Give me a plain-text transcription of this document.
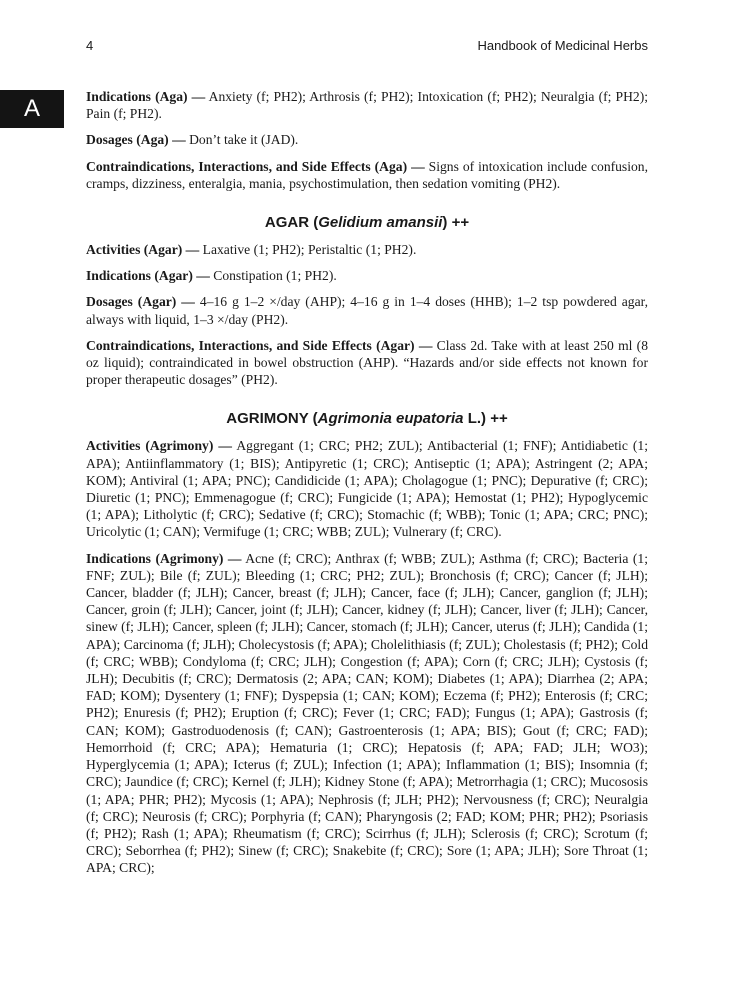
4	Handbook of Medicinal Herbs
A	Indications (Aga) — Anxiety (f; PH2); Arthrosis (f; PH2); Intoxication (f; PH2); Neuralgia (f; PH2); Pain (f; PH2).

Dosages (Aga) — Don’t take it (JAD).

Contraindications, Interactions, and Side Effects (Aga) — Signs of intoxication include confusion, cramps, dizziness, enteralgia, mania, psychostimulation, then sedation vomiting (PH2).

AGAR (Gelidium amansii) ++

Activities (Agar) — Laxative (1; PH2); Peristaltic (1; PH2).

Indications (Agar) — Constipation (1; PH2).

Dosages (Agar) — 4–16 g 1–2 ×/day (AHP); 4–16 g in 1–4 doses (HHB); 1–2 tsp powdered agar, always with liquid, 1–3 ×/day (PH2).

Contraindications, Interactions, and Side Effects (Agar) — Class 2d. Take with at least 250 ml (8 oz liquid); contraindicated in bowel obstruction (AHP). “Hazards and/or side effects not known for proper therapeutic dosages” (PH2).

AGRIMONY (Agrimonia eupatoria L.) ++

Activities (Agrimony) — Aggregant (1; CRC; PH2; ZUL); Antibacterial (1; FNF); Antidiabetic (1; APA); Antiinflammatory (1; BIS); Antipyretic (1; CRC); Antiseptic (1; APA); Astringent (2; APA; KOM); Antiviral (1; APA; PNC); Candidicide (1; APA); Cholagogue (1; PNC); Depurative (f; CRC); Diuretic (1; PNC); Emmenagogue (f; CRC); Fungicide (1; APA); Hemostat (1; PH2); Hypoglycemic (1; APA); Litholytic (f; CRC); Sedative (f; CRC); Stomachic (f; WBB); Tonic (1; APA; CRC; PNC); Uricolytic (1; CAN); Vermifuge (1; CRC; WBB; ZUL); Vulnerary (f; CRC).

Indications (Agrimony) — Acne (f; CRC); Anthrax (f; WBB; ZUL); Asthma (f; CRC); Bacteria (1; FNF; ZUL); Bile (f; ZUL); Bleeding (1; CRC; PH2; ZUL); Bronchosis (f; CRC); Cancer (f; JLH); Cancer, bladder (f; JLH); Cancer, breast (f; JLH); Cancer, face (f; JLH); Cancer, ganglion (f; JLH); Cancer, groin (f; JLH); Cancer, joint (f; JLH); Cancer, kidney (f; JLH); Cancer, liver (f; JLH); Cancer, sinew (f; JLH); Cancer, spleen (f; JLH); Cancer, stomach (f; JLH); Cancer, uterus (f; JLH); Candida (1; APA); Carcinoma (f; JLH); Cholecystosis (f; APA); Cholelithiasis (f; ZUL); Cholestasis (f; PH2); Cold (f; CRC; WBB); Condyloma (f; CRC; JLH); Congestion (f; APA); Corn (f; CRC; JLH); Cystosis (f; JLH); Decubitis (f; CRC); Dermatosis (2; APA; CAN; KOM); Diabetes (1; APA); Diarrhea (2; APA; FAD; KOM); Dysentery (1; FNF); Dyspepsia (1; CAN; KOM); Eczema (f; PH2); Enterosis (f; CRC; PH2); Enuresis (f; PH2); Eruption (f; CRC); Fever (1; CRC; FAD); Fungus (1; APA); Gastrosis (f; CAN; KOM); Gastroduodenosis (f; CAN); Gastroenterosis (1; APA; BIS); Gout (f; CRC; FAD); Hemorrhoid (f; CRC; APA); Hematuria (1; CRC); Hepatosis (f; APA; FAD; JLH; WO3); Hyperglycemia (1; APA); Icterus (f; ZUL); Infection (1; APA); Inflammation (1; BIS); Insomnia (f; CRC); Jaundice (f; CRC); Kernel (f; JLH); Kidney Stone (f; APA); Metrorrhagia (1; CRC); Mucososis (1; APA; PHR; PH2); Mycosis (1; APA); Nephrosis (f; JLH; PH2); Nervousness (f; CRC); Neuralgia (f; CRC); Neurosis (f; CRC); Porphyria (f; CAN); Pharyngosis (2; FAD; KOM; PHR; PH2); Psoriasis (f; PH2); Rash (1; APA); Rheumatism (f; CRC); Scirrhus (f; JLH); Sclerosis (f; CRC); Scrotum (f; CRC); Seborrhea (f; PH2); Sinew (f; CRC); Snakebite (f; CRC); Sore (1; APA; JLH); Sore Throat (1; APA; CRC);
